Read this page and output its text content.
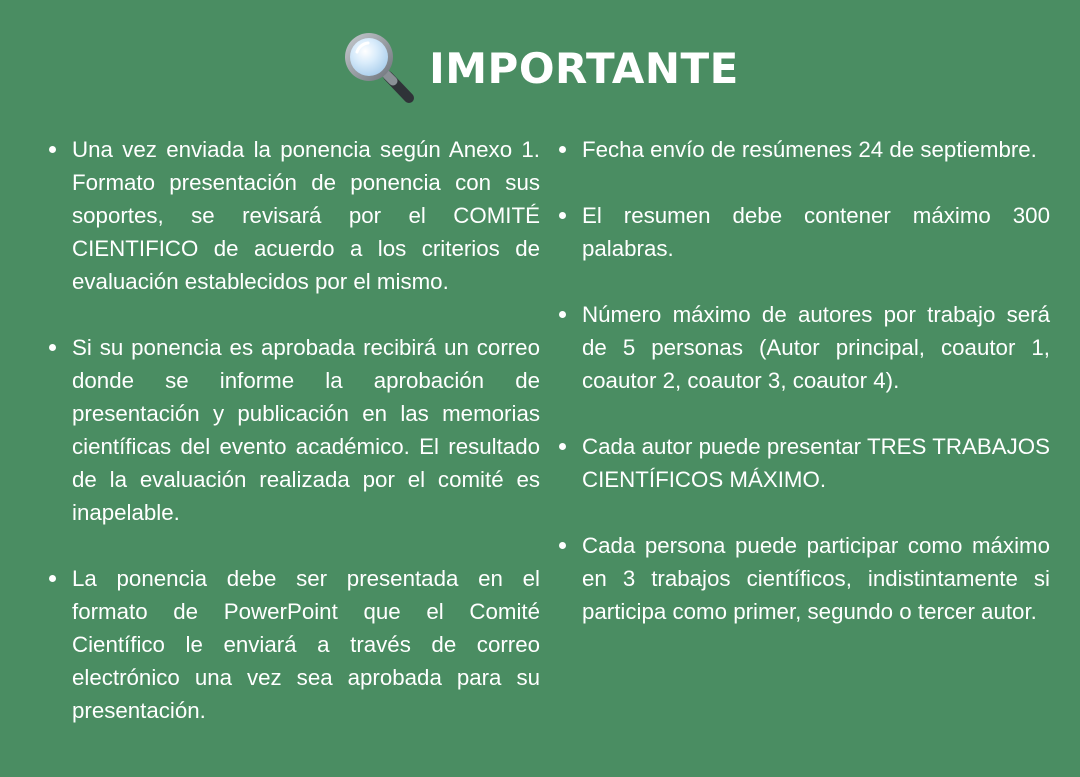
IMPORTANTE
Una vez enviada la ponencia según Anexo 1. Formato presentación de ponencia con sus soportes, se revisará por el COMITÉ CIENTIFICO de acuerdo a los criterios de evaluación establecidos por el mismo.
Si su ponencia es aprobada recibirá un correo donde se informe la aprobación de presentación y publicación en las memorias científicas del evento académico. El resultado de la evaluación realizada por el comité es inapelable.
La ponencia debe ser presentada en el formato de PowerPoint que el Comité Científico le enviará a través de correo electrónico una vez sea aprobada para su presentación.
Fecha envío de resúmenes 24 de septiembre.
El resumen debe contener máximo 300 palabras.
Número máximo de autores por trabajo será de 5 personas (Autor principal, coautor 1, coautor 2, coautor 3, coautor 4).
Cada autor puede presentar TRES TRABAJOS CIENTÍFICOS MÁXIMO.
Cada persona puede participar como máximo en 3 trabajos científicos, indistintamente si participa como primer, segundo o tercer autor.
